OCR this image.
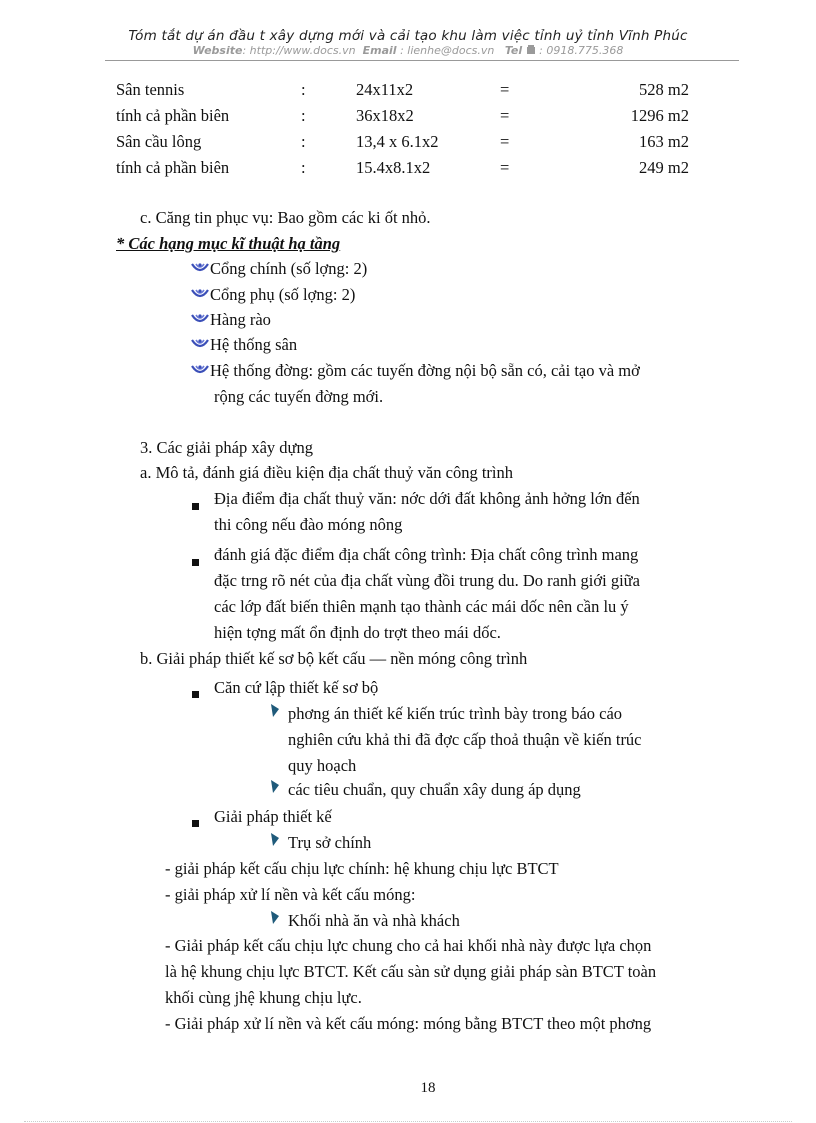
Tóm tắt dự án đầu t xây dựng mới và cải tạo khu làm việc tỉnh uỷ tỉnh Vĩnh Phúc
Website: http://www.docs.vn Email : lienhe@docs.vn Tel : 0918.775.368
Sân tennis	:	24x11x2	=	528 m2
tính cả phần biên	:	36x18x2	=	1296 m2
Sân cầu lông	:	13,4 x 6.1x2	=	163 m2
tính cả phần biên	:	15.4x8.1x2	=	249 m2
c. Căng tin phục vụ: Bao gồm các ki ốt nhỏ.
* Các hạng mục kĩ thuật hạ tầng
Cổng chính (số lợng: 2)
Cổng phụ (số lợng: 2)
Hàng rào
Hệ thống sân
Hệ thống đờng: gồm các tuyến đờng nội bộ sẵn có, cải tạo và mở
rộng các tuyến đờng mới.
3. Các giải pháp xây dựng
a. Mô tả, đánh giá điều kiện địa chất thuỷ văn công trình
Địa điểm địa chất thuỷ văn: nớc dới đất không ảnh hởng lớn đến
thi công nếu đào móng nông
đánh giá đặc điểm địa chất công trình: Địa chất công trình mang
đặc trng rõ nét của địa chất vùng đồi trung du. Do ranh giới giữa
các lớp đất biến thiên mạnh tạo thành các mái dốc nên cần lu ý
hiện tợng mất ổn định do trợt theo mái dốc.
b. Giải pháp thiết kế sơ bộ kết cấu — nền móng công trình
Căn cứ lập thiết kế sơ bộ
phơng án thiết kế kiến trúc trình bày trong báo cáo
nghiên cứu khả thi đã đợc cấp thoả thuận về kiến trúc
quy hoạch
các tiêu chuẩn, quy chuẩn xây dung áp dụng
Giải pháp thiết kế
Trụ sở chính
- giải pháp kết cấu chịu lực chính: hệ khung chịu lực BTCT
- giải pháp xử lí nền và kết cấu móng:
Khối nhà ăn và nhà khách
- Giải pháp kết cấu chịu lực chung cho cả hai khối nhà này được lựa chọn
là hệ khung chịu lực BTCT. Kết cấu sàn sử dụng giải pháp sàn BTCT toàn
khối cùng jhệ khung chịu lực.
- Giải pháp xử lí nền và kết cấu móng: móng bằng BTCT theo một phơng
18
